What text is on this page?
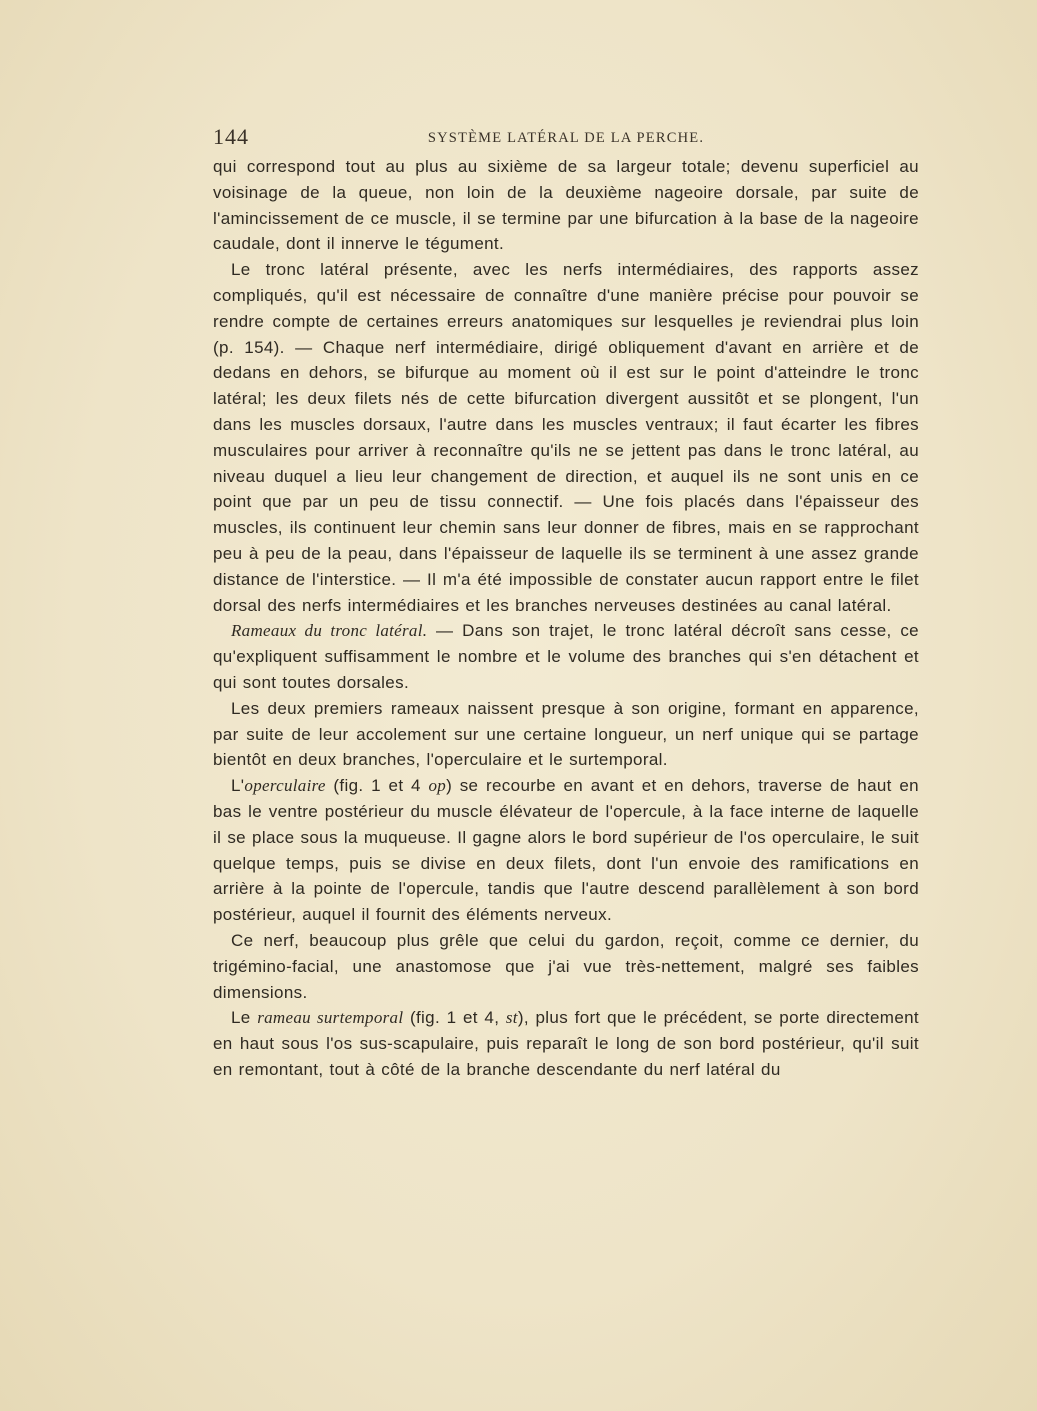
144	SYSTÈME LATÉRAL DE LA PERCHE.

qui correspond tout au plus au sixième de sa largeur totale; devenu superficiel au voisinage de la queue, non loin de la deuxième nageoire dorsale, par suite de l'amincissement de ce muscle, il se termine par une bifurcation à la base de la nageoire caudale, dont il innerve le tégument.

Le tronc latéral présente, avec les nerfs intermédiaires, des rapports assez compliqués, qu'il est nécessaire de connaître d'une manière précise pour pouvoir se rendre compte de certaines erreurs anatomiques sur lesquelles je reviendrai plus loin (p. 154). — Chaque nerf intermédiaire, dirigé obliquement d'avant en arrière et de dedans en dehors, se bifurque au moment où il est sur le point d'atteindre le tronc latéral; les deux filets nés de cette bifurcation divergent aussitôt et se plongent, l'un dans les muscles dorsaux, l'autre dans les muscles ventraux; il faut écarter les fibres musculaires pour arriver à reconnaître qu'ils ne se jettent pas dans le tronc latéral, au niveau duquel a lieu leur changement de direction, et auquel ils ne sont unis en ce point que par un peu de tissu connectif. — Une fois placés dans l'épaisseur des muscles, ils continuent leur chemin sans leur donner de fibres, mais en se rapprochant peu à peu de la peau, dans l'épaisseur de laquelle ils se terminent à une assez grande distance de l'interstice. — Il m'a été impossible de constater aucun rapport entre le filet dorsal des nerfs intermédiaires et les branches nerveuses destinées au canal latéral.

Rameaux du tronc latéral. — Dans son trajet, le tronc latéral décroît sans cesse, ce qu'expliquent suffisamment le nombre et le volume des branches qui s'en détachent et qui sont toutes dorsales.

Les deux premiers rameaux naissent presque à son origine, formant en apparence, par suite de leur accolement sur une certaine longueur, un nerf unique qui se partage bientôt en deux branches, l'operculaire et le surtemporal.

L'operculaire (fig. 1 et 4 op) se recourbe en avant et en dehors, traverse de haut en bas le ventre postérieur du muscle élévateur de l'opercule, à la face interne de laquelle il se place sous la muqueuse. Il gagne alors le bord supérieur de l'os operculaire, le suit quelque temps, puis se divise en deux filets, dont l'un envoie des ramifications en arrière à la pointe de l'opercule, tandis que l'autre descend parallèlement à son bord postérieur, auquel il fournit des éléments nerveux.

Ce nerf, beaucoup plus grêle que celui du gardon, reçoit, comme ce dernier, du trigémino-facial, une anastomose que j'ai vue très-nettement, malgré ses faibles dimensions.

Le rameau surtemporal (fig. 1 et 4, st), plus fort que le précédent, se porte directement en haut sous l'os sus-scapulaire, puis reparaît le long de son bord postérieur, qu'il suit en remontant, tout à côté de la branche descendante du nerf latéral du
